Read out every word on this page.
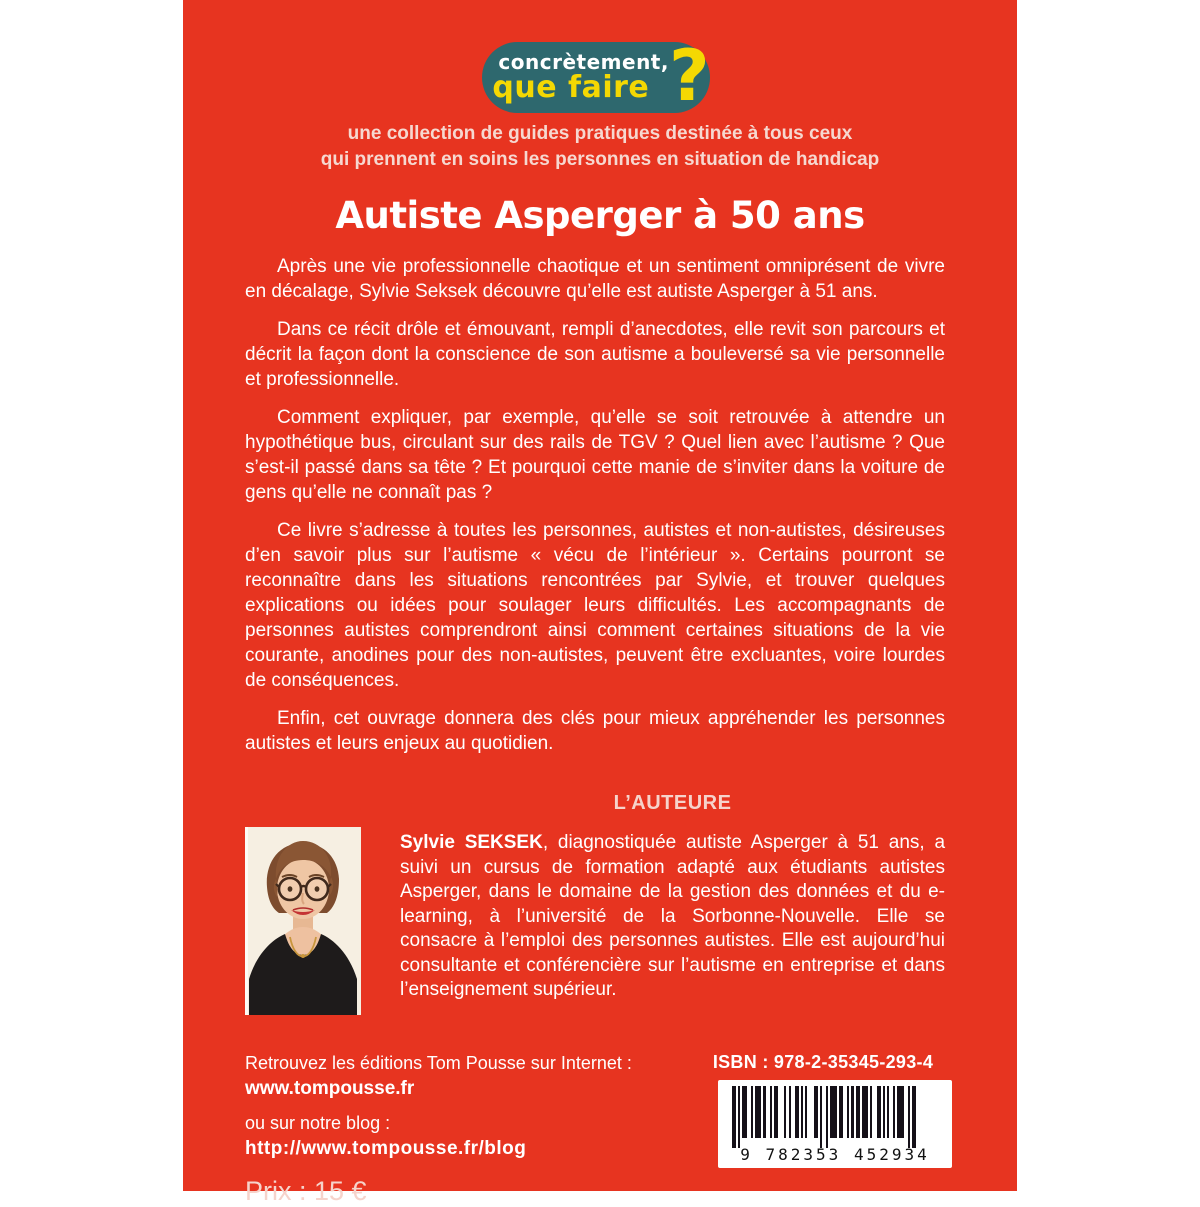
concrètement,
que faire ?
une collection de guides pratiques destinée à tous ceux
qui prennent en soins les personnes en situation de handicap
Autiste Asperger à 50 ans

Après une vie professionnelle chaotique et un sentiment omniprésent de vivre en décalage, Sylvie Seksek découvre qu’elle est autiste Asperger à 51 ans.

Dans ce récit drôle et émouvant, rempli d’anecdotes, elle revit son parcours et décrit la façon dont la conscience de son autisme a bouleversé sa vie personnelle et professionnelle.

Comment expliquer, par exemple, qu’elle se soit retrouvée à attendre un hypothétique bus, circulant sur des rails de TGV ? Quel lien avec l’autisme ? Que s’est-il passé dans sa tête ? Et pourquoi cette manie de s’inviter dans la voiture de gens qu’elle ne connaît pas ?

Ce livre s’adresse à toutes les personnes, autistes et non-autistes, désireuses d’en savoir plus sur l’autisme « vécu de l’intérieur ». Certains pourront se reconnaître dans les situations rencontrées par Sylvie, et trouver quelques explications ou idées pour soulager leurs difficultés. Les accompagnants de personnes autistes comprendront ainsi comment certaines situations de la vie courante, anodines pour des non-autistes, peuvent être excluantes, voire lourdes de conséquences.

Enfin, cet ouvrage donnera des clés pour mieux appréhender les personnes autistes et leurs enjeux au quotidien.

L’AUTEURE

Sylvie SEKSEK, diagnostiquée autiste Asperger à 51 ans, a suivi un cursus de formation adapté aux étudiants autistes Asperger, dans le domaine de la gestion des données et du e-learning, à l’université de la Sorbonne-Nouvelle. Elle se consacre à l’emploi des personnes autistes. Elle est aujourd’hui consultante et conférencière sur l’autisme en entreprise et dans l’enseignement supérieur.

Retrouvez les éditions Tom Pousse sur Internet :
www.tompousse.fr
ou sur notre blog :
http://www.tompousse.fr/blog
Prix : 15 €
ISBN : 978-2-35345-293-4
9 782353 452934
